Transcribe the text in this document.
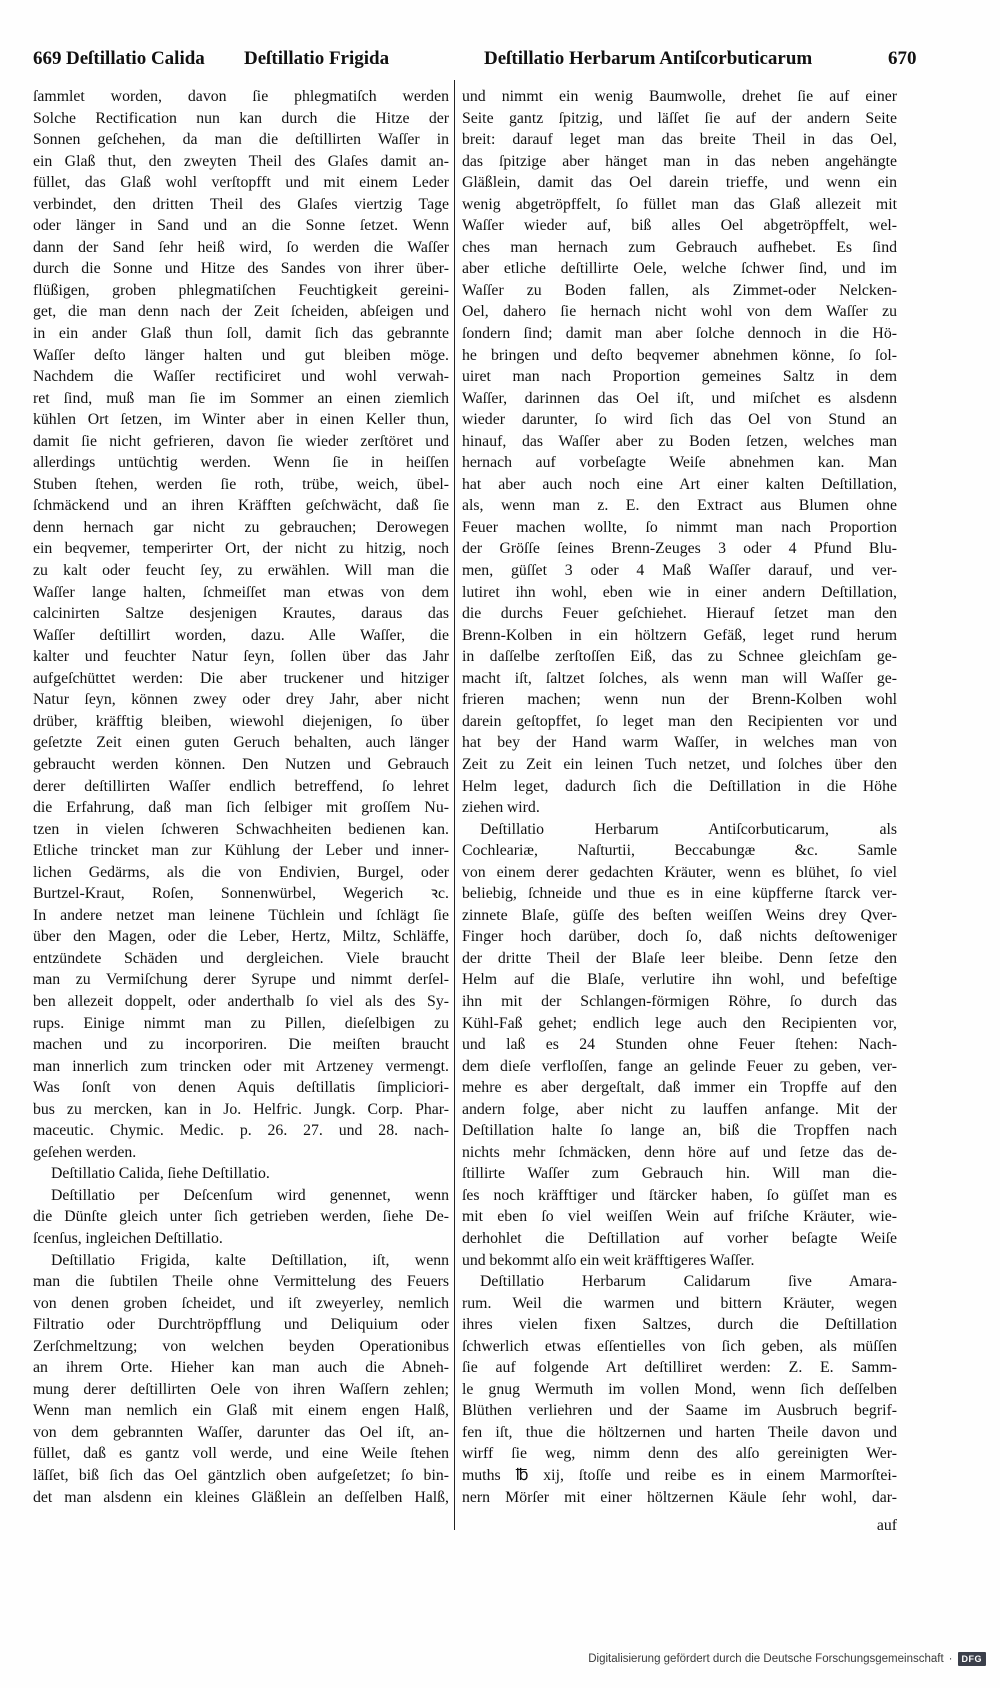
669 Deſtillatio Calida Deſtillatio Frigida	Deſtillatio Herbarum Antiſcorbuticarum	670
ſammlet worden, davon ſie phlegmatiſch werden
Solche Rectification nun kan durch die Hitze der
Sonnen geſchehen, da man die deſtillirten Waſſer in
ein Glaß thut, den zweyten Theil des Glaſes damit an-
füllet, das Glaß wohl verſtopfft und mit einem Leder
verbindet, den dritten Theil des Glaſes viertzig Tage
oder länger in Sand und an die Sonne ſetzet. Wenn
dann der Sand ſehr heiß wird, ſo werden die Waſſer
durch die Sonne und Hitze des Sandes von ihrer über-
flüßigen, groben phlegmatiſchen Feuchtigkeit gereini-
get, die man denn nach der Zeit ſcheiden, abſeigen und
in ein ander Glaß thun ſoll, damit ſich das gebrannte
Waſſer deſto länger halten und gut bleiben möge.
Nachdem die Waſſer rectificiret und wohl verwah-
ret ſind, muß man ſie im Sommer an einen ziemlich
kühlen Ort ſetzen, im Winter aber in einen Keller thun,
damit ſie nicht gefrieren, davon ſie wieder zerſtöret und
allerdings untüchtig werden. Wenn ſie in heiſſen
Stuben ſtehen, werden ſie roth, trübe, weich, übel-
ſchmäckend und an ihren Kräfften geſchwächt, daß ſie
denn hernach gar nicht zu gebrauchen; Derowegen
ein beqvemer, temperirter Ort, der nicht zu hitzig, noch
zu kalt oder feucht ſey, zu erwählen. Will man die
Waſſer lange halten, ſchmeiſſet man etwas von dem
calcinirten Saltze desjenigen Krautes, daraus das
Waſſer deſtillirt worden, dazu. Alle Waſſer, die
kalter und feuchter Natur ſeyn, ſollen über das Jahr
aufgeſchüttet werden: Die aber truckener und hitziger
Natur ſeyn, können zwey oder drey Jahr, aber nicht
drüber, kräfftig bleiben, wiewohl diejenigen, ſo über
geſetzte Zeit einen guten Geruch behalten, auch länger
gebraucht werden können. Den Nutzen und Gebrauch
derer deſtillirten Waſſer endlich betreffend, ſo lehret
die Erfahrung, daß man ſich ſelbiger mit groſſem Nu-
tzen in vielen ſchweren Schwachheiten bedienen kan.
Etliche trincket man zur Kühlung der Leber und inner-
lichen Gedärms, als die von Endivien, Burgel, oder
Burtzel-Kraut, Roſen, Sonnenwürbel, Wegerich ꝛc.
In andere netzet man leinene Tüchlein und ſchlägt ſie
über den Magen, oder die Leber, Hertz, Miltz, Schläffe,
entzündete Schäden und dergleichen. Viele braucht
man zu Vermiſchung derer Syrupe und nimmt derſel-
ben allezeit doppelt, oder anderthalb ſo viel als des Sy-
rups. Einige nimmt man zu Pillen, dieſelbigen zu
machen und zu incorporiren. Die meiſten braucht
man innerlich zum trincken oder mit Artzeney vermengt.
Was ſonſt von denen Aquis deſtillatis ſimpliciori-
bus zu mercken, kan in Jo. Helfric. Jungk. Corp. Phar-
maceutic. Chymic. Medic. p. 26. 27. und 28. nach-
geſehen werden.
Deſtillatio Calida, ſiehe Deſtillatio.
Deſtillatio per Deſcenſum wird genennet, wenn
die Dünſte gleich unter ſich getrieben werden, ſiehe De-
ſcenſus, ingleichen Deſtillatio.
Deſtillatio Frigida, kalte Deſtillation, iſt, wenn
man die ſubtilen Theile ohne Vermittelung des Feuers
von denen groben ſcheidet, und iſt zweyerley, nemlich
Filtratio oder Durchtröpfflung und Deliquium oder
Zerſchmeltzung; von welchen beyden Operationibus
an ihrem Orte. Hieher kan man auch die Abneh-
mung derer deſtillirten Oele von ihren Waſſern zehlen;
Wenn man nemlich ein Glaß mit einem engen Halß,
von dem gebrannten Waſſer, darunter das Oel iſt, an-
füllet, daß es gantz voll werde, und eine Weile ſtehen
läſſet, biß ſich das Oel gäntzlich oben aufgeſetzet; ſo bin-
det man alsdenn ein kleines Gläßlein an deſſelben Halß,
und nimmt ein wenig Baumwolle, drehet ſie auf einer
Seite gantz ſpitzig, und läſſet ſie auf der andern Seite
breit: darauf leget man das breite Theil in das Oel,
das ſpitzige aber hänget man in das neben angehängte
Gläßlein, damit das Oel darein trieffe, und wenn ein
wenig abgetröpffelt, ſo füllet man das Glaß allezeit mit
Waſſer wieder auf, biß alles Oel abgetröpffelt, wel-
ches man hernach zum Gebrauch aufhebet. Es ſind
aber etliche deſtillirte Oele, welche ſchwer ſind, und im
Waſſer zu Boden fallen, als Zimmet-oder Nelcken-
Oel, dahero ſie hernach nicht wohl von dem Waſſer zu
ſondern ſind; damit man aber ſolche dennoch in die Hö-
he bringen und deſto beqvemer abnehmen könne, ſo ſol-
uiret man nach Proportion gemeines Saltz in dem
Waſſer, darinnen das Oel iſt, und miſchet es alsdenn
wieder darunter, ſo wird ſich das Oel von Stund an
hinauf, das Waſſer aber zu Boden ſetzen, welches man
hernach auf vorbeſagte Weiſe abnehmen kan. Man
hat aber auch noch eine Art einer kalten Deſtillation,
als, wenn man z. E. den Extract aus Blumen ohne
Feuer machen wollte, ſo nimmt man nach Proportion
der Gröſſe ſeines Brenn-Zeuges 3 oder 4 Pfund Blu-
men, güſſet 3 oder 4 Maß Waſſer darauf, und ver-
lutiret ihn wohl, eben wie in einer andern Deſtillation,
die durchs Feuer geſchiehet. Hierauf ſetzet man den
Brenn-Kolben in ein höltzern Gefäß, leget rund herum
in daſſelbe zerſtoſſen Eiß, das zu Schnee gleichſam ge-
macht iſt, ſaltzet ſolches, als wenn man will Waſſer ge-
frieren machen; wenn nun der Brenn-Kolben wohl
darein geſtopffet, ſo leget man den Recipienten vor und
hat bey der Hand warm Waſſer, in welches man von
Zeit zu Zeit ein leinen Tuch netzet, und ſolches über den
Helm leget, dadurch ſich die Deſtillation in die Höhe
ziehen wird.
Deſtillatio Herbarum Antiſcorbuticarum, als
Cochleariæ, Naſturtii, Beccabungæ &c. Samle
von einem derer gedachten Kräuter, wenn es blühet, ſo viel
beliebig, ſchneide und thue es in eine küpfferne ſtarck ver-
zinnete Blaſe, güſſe des beſten weiſſen Weins drey Qver-
Finger hoch darüber, doch ſo, daß nichts deſtoweniger
der dritte Theil der Blaſe leer bleibe. Denn ſetze den
Helm auf die Blaſe, verlutire ihn wohl, und befeſtige
ihn mit der Schlangen-förmigen Röhre, ſo durch das
Kühl-Faß gehet; endlich lege auch den Recipienten vor,
und laß es 24 Stunden ohne Feuer ſtehen: Nach-
dem dieſe verfloſſen, fange an gelinde Feuer zu geben, ver-
mehre es aber dergeſtalt, daß immer ein Tropffe auf den
andern folge, aber nicht zu lauffen anfange. Mit der
Deſtillation halte ſo lange an, biß die Tropffen nach
nichts mehr ſchmäcken, denn höre auf und ſetze das de-
ſtillirte Waſſer zum Gebrauch hin. Will man die-
ſes noch kräfftiger und ſtärcker haben, ſo güſſet man es
mit eben ſo viel weiſſen Wein auf friſche Kräuter, wie-
derhohlet die Deſtillation auf vorher beſagte Weiſe
und bekommt alſo ein weit kräfftigeres Waſſer.
Deſtillatio Herbarum Calidarum ſive Amara-
rum. Weil die warmen und bittern Kräuter, wegen
ihres vielen fixen Saltzes, durch die Deſtillation
ſchwerlich etwas eſſentielles von ſich geben, als müſſen
ſie auf folgende Art deſtilliret werden: Z. E. Samm-
le gnug Wermuth im vollen Mond, wenn ſich deſſelben
Blüthen verliehren und der Saame im Ausbruch begrif-
fen iſt, thue die höltzernen und harten Theile davon und
wirff ſie weg, nimm denn des alſo gereinigten Wer-
muths ℔ xij, ſtoſſe und reibe es in einem Marmorſtei-
nern Mörſer mit einer höltzernen Käule ſehr wohl, dar-
auf
Digitalisierung gefördert durch die Deutsche Forschungsgemeinschaft ·	DFG
